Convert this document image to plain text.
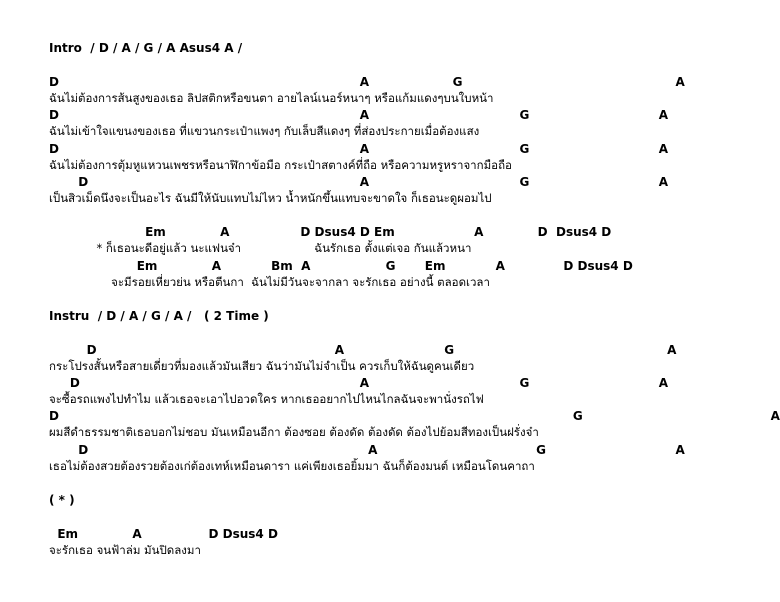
Intro  / D / A / G / A Asus4 A /
D                                                                        A                    G                                                   A
ฉันไม่ต้องการส้นสูงของเธอ ลิปสติกหรือขนตา อายไลน์เนอร์หนาๆ หรือแก้มแดงๆบนใบหน้า
D                                                                        A                                    G                               A
ฉันไม่เข้าใจแขนงของเธอ ที่แขวนกระเป๋าแพงๆ กับเล็บสีแดงๆ ที่ส่องประกายเมื่อต้องแสง
D                                                                        A                                    G                               A
ฉันไม่ต้องการตุ้มหูแหวนเพชรหรือนาฬิกาข้อมือ กระเป๋าสตางค์ที่ถือ หรือความหรูหราจากมือถือ
D                                                                 A                                    G                               A
เป็นสิวเม็ดนึงจะเป็นอะไร ฉันมีให้นับแทบไม่ไหว น้ำหนักขึ้นแทบจะขาดใจ ก็เธอนะดูผอมไป
Em             A                 D Dsus4 D Em                   A             D  Dsus4 D
* ก็เธอนะดีอยู่แล้ว นะแฟนจ๋า                    ฉันรักเธอ ตั้งแต่เจอ กันแล้วหนา
Em             A            Bm  A                  G       Em            A              D Dsus4 D
จะมีรอยเหี่ยวย่น หรือตีนกา  ฉันไม่มีวันจะจากลา จะรักเธอ อย่างนี้ ตลอดเวลา
Instru  / D / A / G / A /   ( 2 Time )
D                                                         A                        G                                                   A
กระโปรงสั้นหรือสายเดี่ยวที่มองแล้วมันเสียว ฉันว่ามันไม่จำเป็น ควรเก็บให้ฉันดูคนเดียว
D                                                                   A                                    G                               A
จะซื้อรถแพงไปทำไม แล้วเธอจะเอาไปอวดใคร หากเธออยากไปไหนไกลฉันจะพานั่งรถไฟ
D                                                                                                                           G                                             A
ผมสีดำธรรมชาติเธอบอกไม่ชอบ มันเหมือนอีกา ต้องซอย ต้องดัด ต้องดัด ต้องไปย้อมสีทองเป็นฝรั่งจ๋า
D                                                                   A                                      G                               A
เธอไม่ต้องสวยต้องรวยต้องเก่ต้องเทห์เหมือนดารา แค่เพียงเธอยิ้มมา ฉันก็ต้องมนต์ เหมือนโดนคาถา
( * )
Em             A                D Dsus4 D
จะรักเธอ จนฟ้าล่ม มันปิดลงมา
